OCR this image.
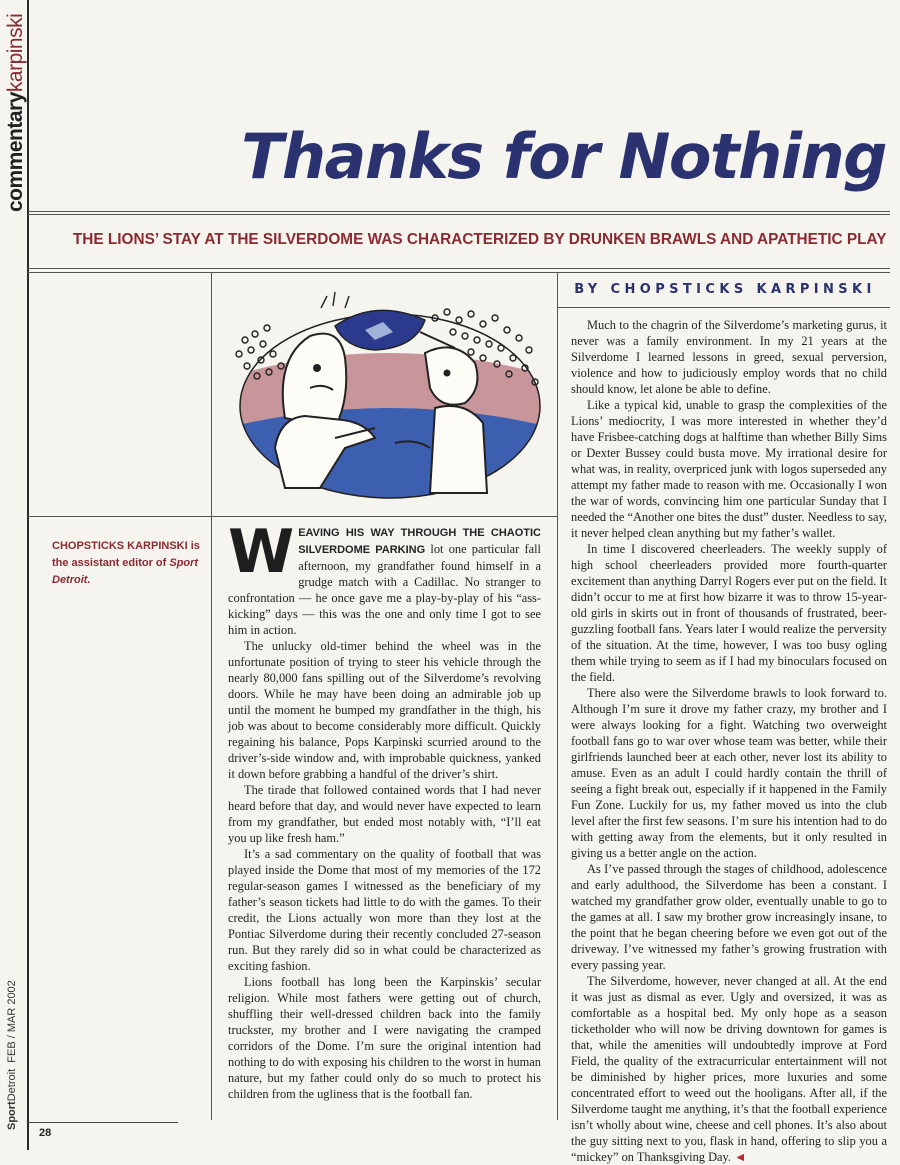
commentarykarpinski
Thanks for Nothing
THE LIONS’ STAY AT THE SILVERDOME WAS CHARACTERIZED BY DRUNKEN BRAWLS AND APATHETIC PLAY
BY CHOPSTICKS KARPINSKI
CHOPSTICKS KARPINSKI is the assistant editor of Sport Detroit.	WEAVING HIS WAY THROUGH THE CHAOTIC SILVERDOME PARKING lot one particular fall afternoon, my grandfather found himself in a grudge match with a Cadillac. No stranger to confrontation — he once gave me a play-by-play of his “ass-kicking” days — this was the one and only time I got to see him in action.

The unlucky old-timer behind the wheel was in the unfortunate position of trying to steer his vehicle through the nearly 80,000 fans spilling out of the Silverdome’s revolving doors. While he may have been doing an admirable job up until the moment he bumped my grandfather in the thigh, his job was about to become considerably more difficult. Quickly regaining his balance, Pops Karpinski scurried around to the driver’s-side window and, with improbable quickness, yanked it down before grabbing a handful of the driver’s shirt.

The tirade that followed contained words that I had never heard before that day, and would never have expected to learn from my grandfather, but ended most notably with, “I’ll eat you up like fresh ham.”

It’s a sad commentary on the quality of football that was played inside the Dome that most of my memories of the 172 regular-season games I witnessed as the beneficiary of my father’s season tickets had little to do with the games. To their credit, the Lions actually won more than they lost at the Pontiac Silverdome during their recently concluded 27-season run. But they rarely did so in what could be characterized as exciting fashion.

Lions football has long been the Karpinskis’ secular religion. While most fathers were getting out of church, shuffling their well-dressed children back into the family truckster, my brother and I were navigating the cramped corridors of the Dome. I’m sure the original intention had nothing to do with exposing his children to the worst in human nature, but my father could only do so much to protect his children from the ugliness that is the football fan.

Much to the chagrin of the Silverdome’s marketing gurus, it never was a family environment. In my 21 years at the Silverdome I learned lessons in greed, sexual perversion, violence and how to judiciously employ words that no child should know, let alone be able to define.

Like a typical kid, unable to grasp the complexities of the Lions’ mediocrity, I was more interested in whether they’d have Frisbee-catching dogs at halftime than whether Billy Sims or Dexter Bussey could busta move. My irrational desire for what was, in reality, overpriced junk with logos superseded any attempt my father made to reason with me. Occasionally I won the war of words, convincing him one particular Sunday that I needed the “Another one bites the dust” duster. Needless to say, it never helped clean anything but my father’s wallet.

In time I discovered cheerleaders. The weekly supply of high school cheerleaders provided more fourth-quarter excitement than anything Darryl Rogers ever put on the field. It didn’t occur to me at first how bizarre it was to throw 15-year-old girls in skirts out in front of thousands of frustrated, beer-guzzling football fans. Years later I would realize the perversity of the situation. At the time, however, I was too busy ogling them while trying to seem as if I had my binoculars focused on the field.

There also were the Silverdome brawls to look forward to. Although I’m sure it drove my father crazy, my brother and I were always looking for a fight. Watching two overweight football fans go to war over whose team was better, while their girlfriends launched beer at each other, never lost its ability to amuse. Even as an adult I could hardly contain the thrill of seeing a fight break out, especially if it happened in the Family Fun Zone. Luckily for us, my father moved us into the club level after the first few seasons. I’m sure his intention had to do with getting away from the elements, but it only resulted in giving us a better angle on the action.

As I’ve passed through the stages of childhood, adolescence and early adulthood, the Silverdome has been a constant. I watched my grandfather grow older, eventually unable to go to the games at all. I saw my brother grow increasingly insane, to the point that he began cheering before we even got out of the driveway. I’ve witnessed my father’s growing frustration with every passing year.

The Silverdome, however, never changed at all. At the end it was just as dismal as ever. Ugly and oversized, it was as comfortable as a hospital bed. My only hope as a season ticketholder who will now be driving downtown for games is that, while the amenities will undoubtedly improve at Ford Field, the quality of the extracurricular entertainment will not be diminished by higher prices, more luxuries and some concentrated effort to weed out the hooligans. After all, if the Silverdome taught me anything, it’s that the football experience isn’t wholly about wine, cheese and cell phones. It’s also about the guy sitting next to you, flask in hand, offering to slip you a “mickey” on Thanksgiving Day. ◄

SportDetroit  FEB / MAR 2002
28
